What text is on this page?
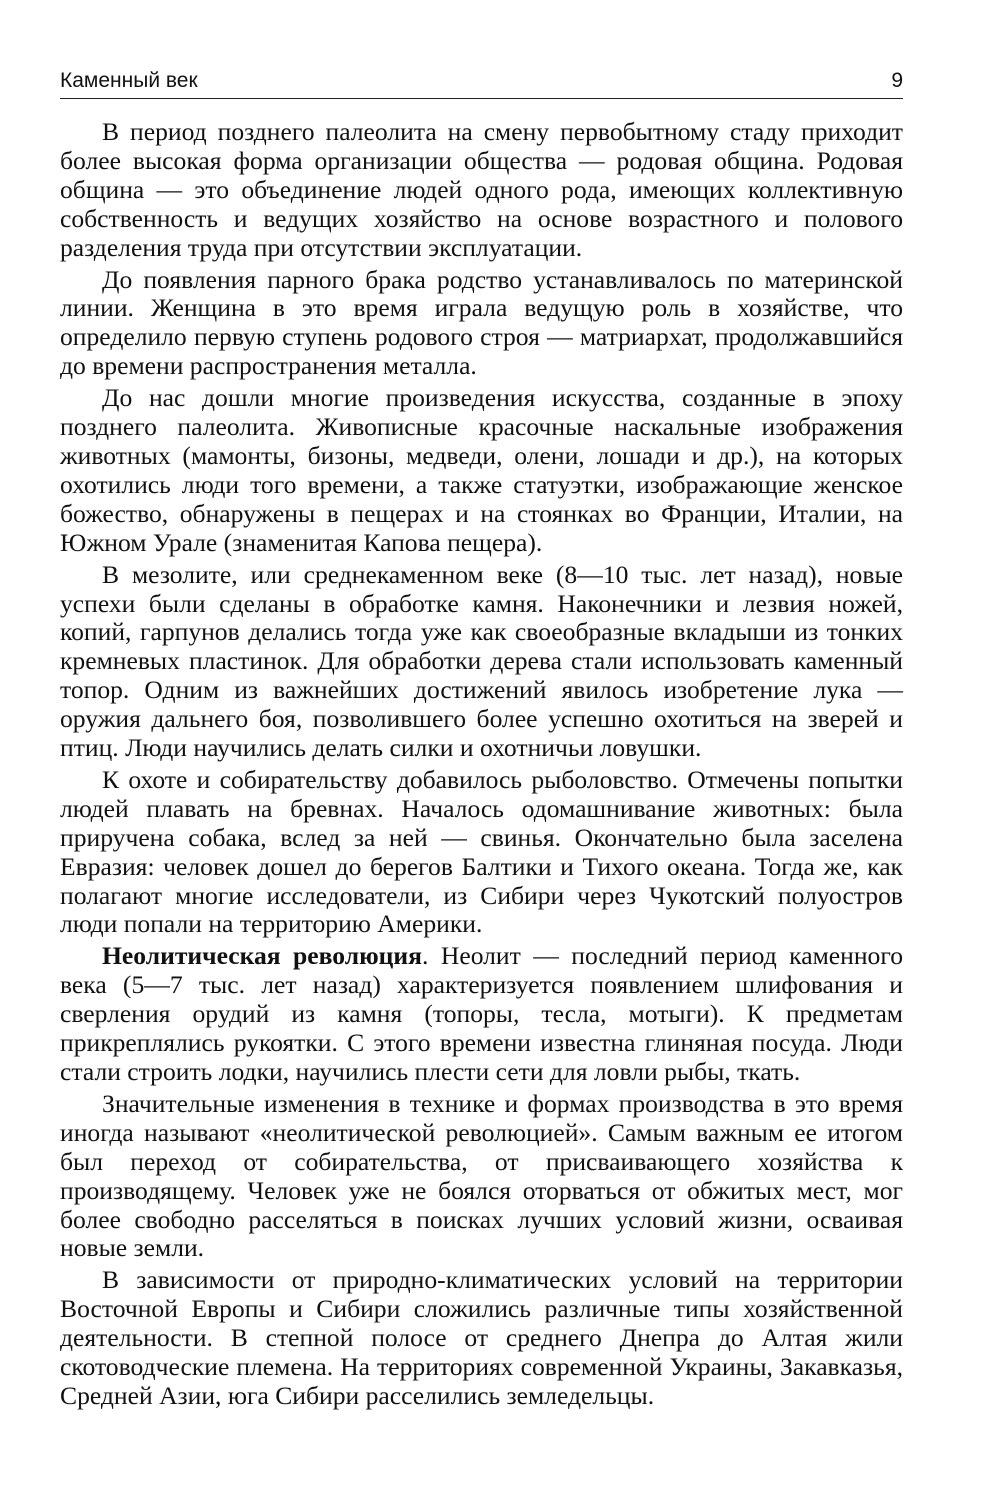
Каменный век	9

В период позднего палеолита на смену первобытному стаду приходит более высокая форма организации общества — родовая община. Родовая община — это объединение людей одного рода, имеющих коллективную собственность и ведущих хозяйство на основе возрастного и полового разделения труда при отсутствии эксплуатации.

До появления парного брака родство устанавливалось по материнской линии. Женщина в это время играла ведущую роль в хозяйстве, что определило первую ступень родового строя — матриархат, продолжавшийся до времени распространения металла.

До нас дошли многие произведения искусства, созданные в эпоху позднего палеолита. Живописные красочные наскальные изображения животных (мамонты, бизоны, медведи, олени, лошади и др.), на которых охотились люди того времени, а также статуэтки, изображающие женское божество, обнаружены в пещерах и на стоянках во Франции, Италии, на Южном Урале (знаменитая Капова пещера).

В мезолите, или среднекаменном веке (8—10 тыс. лет назад), новые успехи были сделаны в обработке камня. Наконечники и лезвия ножей, копий, гарпунов делались тогда уже как своеобразные вкладыши из тонких кремневых пластинок. Для обработки дерева стали использовать каменный топор. Одним из важнейших достижений явилось изобретение лука — оружия дальнего боя, позволившего более успешно охотиться на зверей и птиц. Люди научились делать силки и охотничьи ловушки.

К охоте и собирательству добавилось рыболовство. Отмечены попытки людей плавать на бревнах. Началось одомашнивание животных: была приручена собака, вслед за ней — свинья. Окончательно была заселена Евразия: человек дошел до берегов Балтики и Тихого океана. Тогда же, как полагают многие исследователи, из Сибири через Чукотский полуостров люди попали на территорию Америки.

Неолитическая революция. Неолит — последний период каменного века (5—7 тыс. лет назад) характеризуется появлением шлифования и сверления орудий из камня (топоры, тесла, мотыги). К предметам прикреплялись рукоятки. С этого времени известна глиняная посуда. Люди стали строить лодки, научились плести сети для ловли рыбы, ткать.

Значительные изменения в технике и формах производства в это время иногда называют «неолитической революцией». Самым важным ее итогом был переход от собирательства, от присваивающего хозяйства к производящему. Человек уже не боялся оторваться от обжитых мест, мог более свободно расселяться в поисках лучших условий жизни, осваивая новые земли.

В зависимости от природно-климатических условий на территории Восточной Европы и Сибири сложились различные типы хозяйственной деятельности. В степной полосе от среднего Днепра до Алтая жили скотоводческие племена. На территориях современной Украины, Закавказья, Средней Азии, юга Сибири расселились земледельцы.
